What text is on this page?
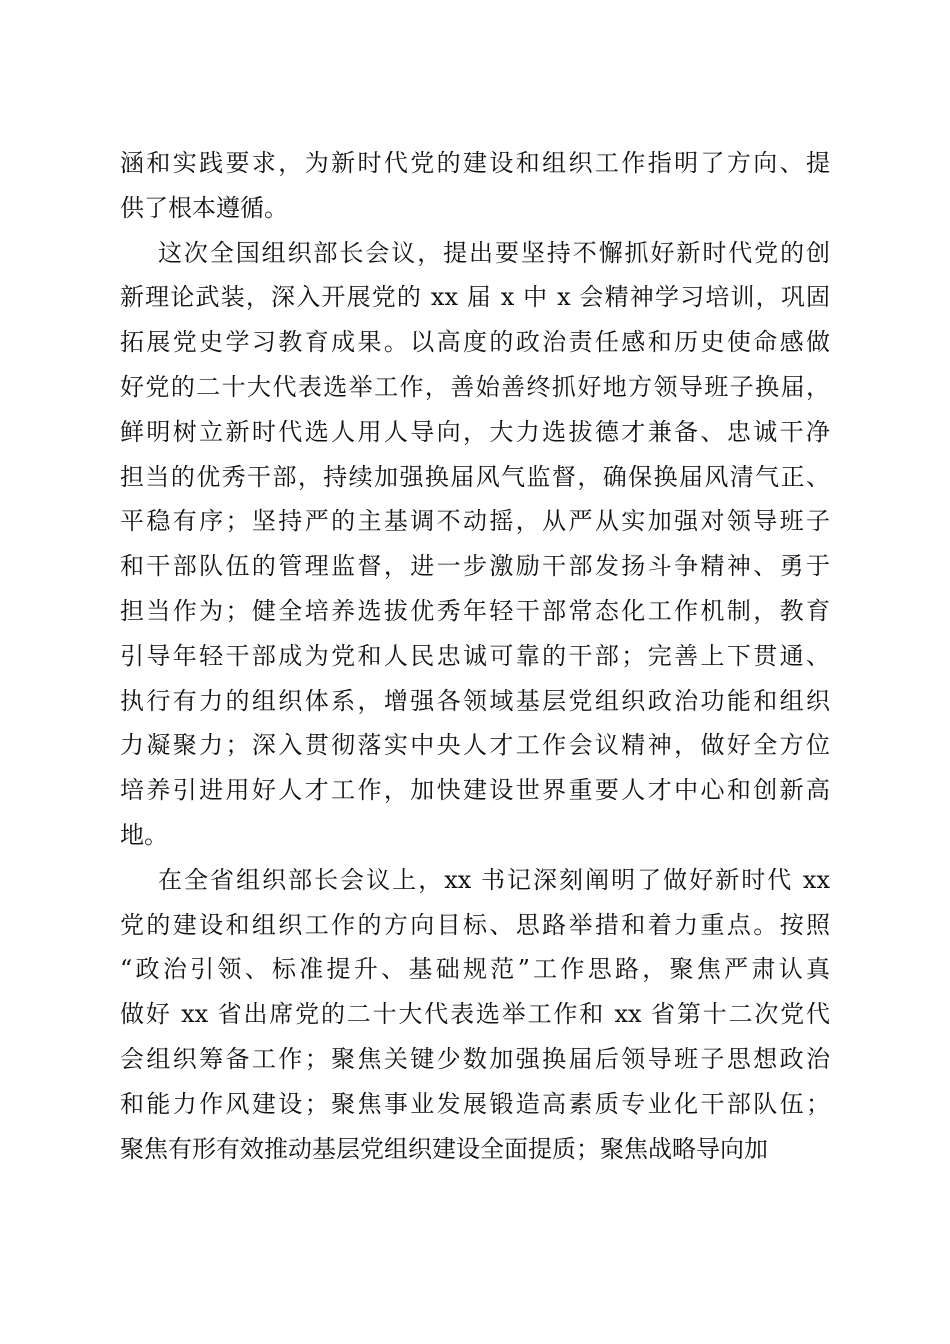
涵和实践要求，为新时代党的建设和组织工作指明了方向、提
供了根本遵循。
这次全国组织部长会议，提出要坚持不懈抓好新时代党的创
新理论武装，深入开展党的 xx 届 x 中 x 会精神学习培训，巩固
拓展党史学习教育成果。以高度的政治责任感和历史使命感做
好党的二十大代表选举工作，善始善终抓好地方领导班子换届，
鲜明树立新时代选人用人导向，大力选拔德才兼备、忠诚干净
担当的优秀干部，持续加强换届风气监督，确保换届风清气正、
平稳有序；坚持严的主基调不动摇，从严从实加强对领导班子
和干部队伍的管理监督，进一步激励干部发扬斗争精神、勇于
担当作为；健全培养选拔优秀年轻干部常态化工作机制，教育
引导年轻干部成为党和人民忠诚可靠的干部；完善上下贯通、
执行有力的组织体系，增强各领域基层党组织政治功能和组织
力凝聚力；深入贯彻落实中央人才工作会议精神，做好全方位
培养引进用好人才工作，加快建设世界重要人才中心和创新高
地。
在全省组织部长会议上，xx 书记深刻阐明了做好新时代 xx
党的建设和组织工作的方向目标、思路举措和着力重点。按照
“政治引领、标准提升、基础规范”工作思路，聚焦严肃认真
做好 xx 省出席党的二十大代表选举工作和 xx 省第十二次党代
会组织筹备工作；聚焦关键少数加强换届后领导班子思想政治
和能力作风建设；聚焦事业发展锻造高素质专业化干部队伍；
聚焦有形有效推动基层党组织建设全面提质；聚焦战略导向加
